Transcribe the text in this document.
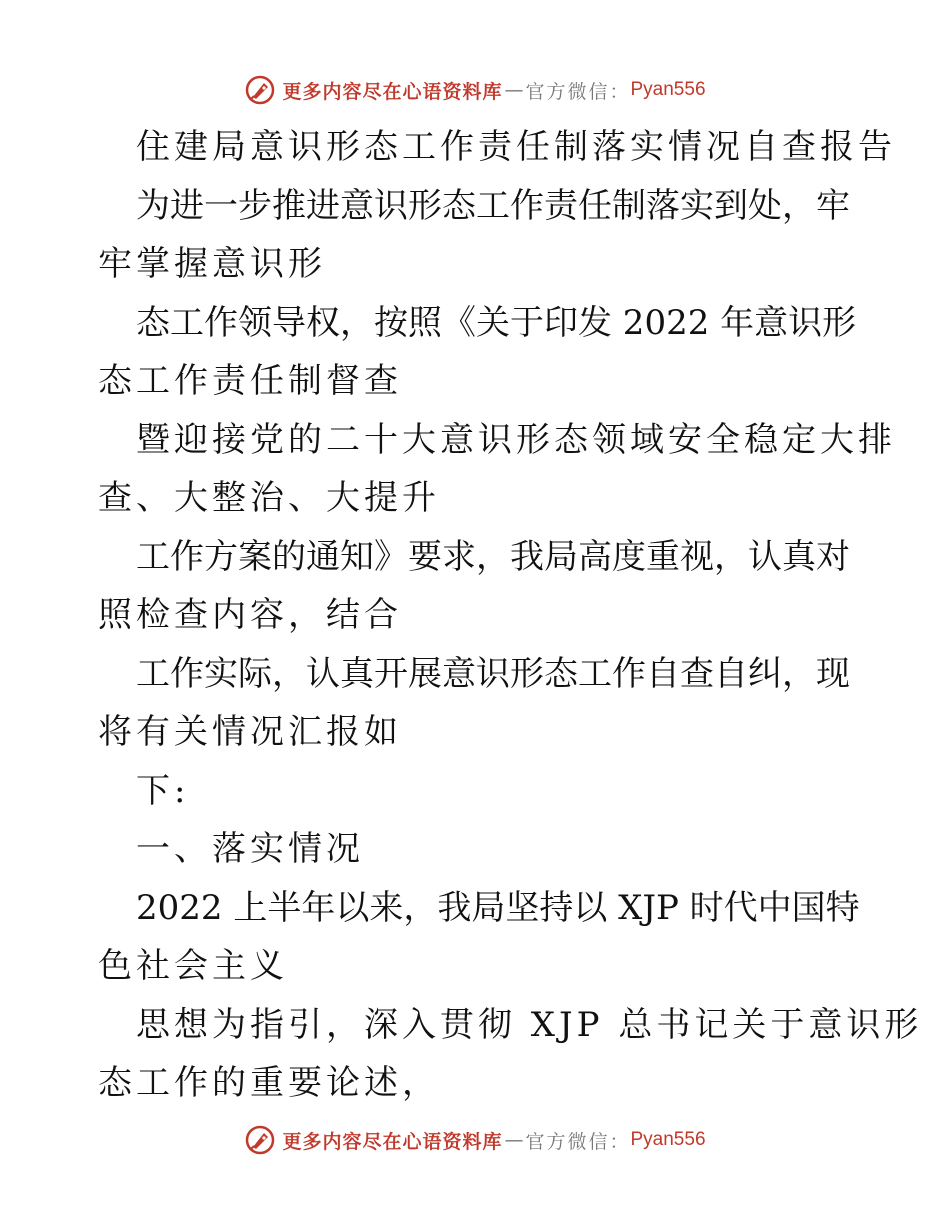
更多内容尽在心语资料库 — 官方微信： Pyan556
住建局意识形态工作责任制落实情况自查报告
为进一步推进意识形态工作责任制落实到处，牢
牢掌握意识形
态工作领导权，按照《关于印发 2022 年意识形
态工作责任制督查
暨迎接党的二十大意识形态领域安全稳定大排
查、大整治、大提升
工作方案的通知》要求，我局高度重视，认真对
照检查内容，结合
工作实际，认真开展意识形态工作自查自纠，现
将有关情况汇报如
下:
一、落实情况
2022 上半年以来，我局坚持以 XJP 时代中国特
色社会主义
思想为指引，深入贯彻 XJP 总书记关于意识形
态工作的重要论述，
更多内容尽在心语资料库 — 官方微信： Pyan556
